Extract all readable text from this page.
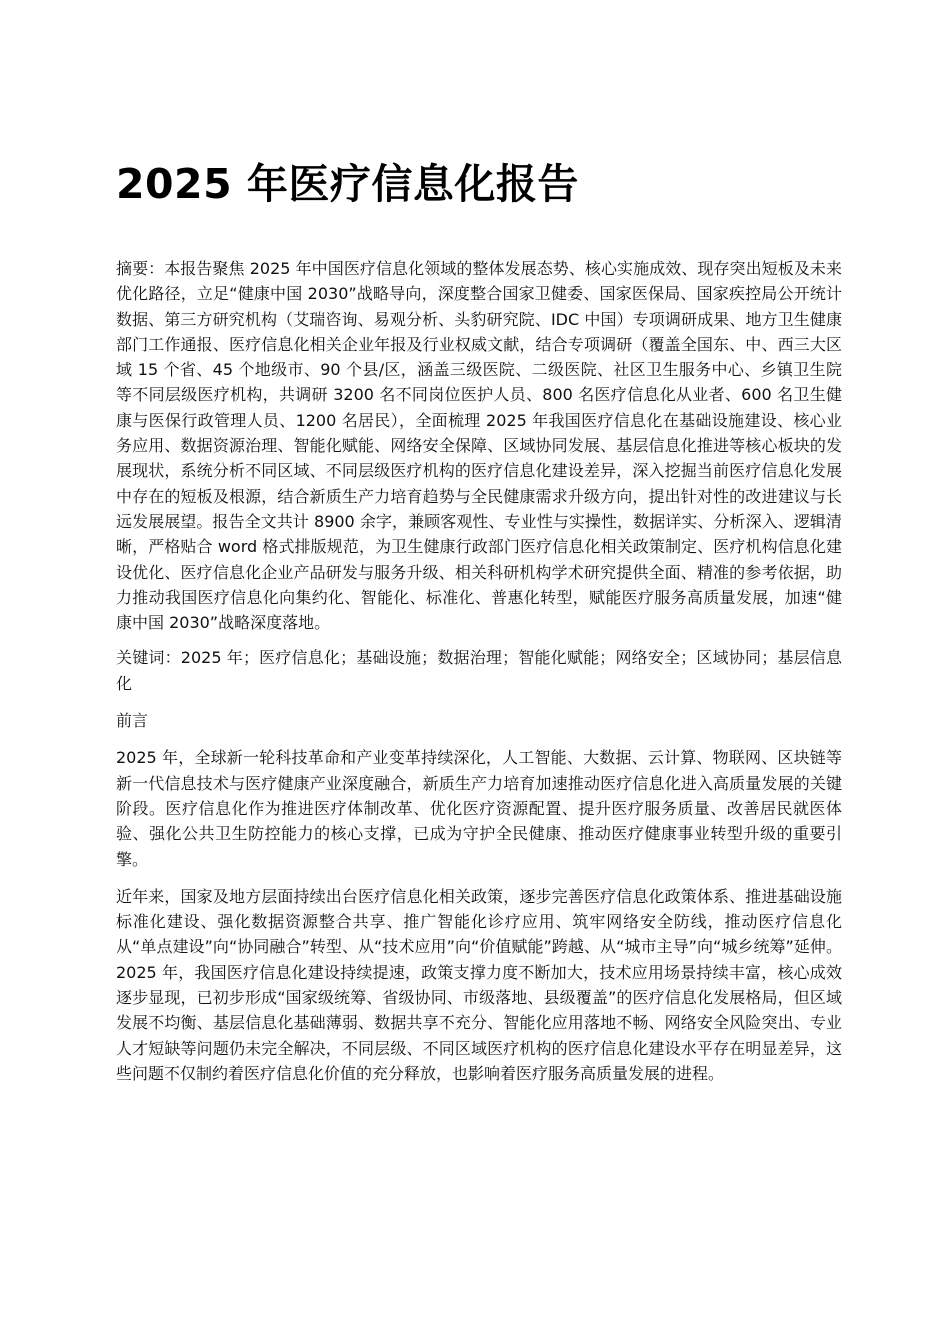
2025 年医疗信息化报告

摘要：本报告聚焦 2025 年中国医疗信息化领域的整体发展态势、核心实施成效、现存突出短板及未来优化路径，立足“健康中国 2030”战略导向，深度整合国家卫健委、国家医保局、国家疾控局公开统计数据、第三方研究机构（艾瑞咨询、易观分析、头豹研究院、IDC 中国）专项调研成果、地方卫生健康部门工作通报、医疗信息化相关企业年报及行业权威文献，结合专项调研（覆盖全国东、中、西三大区域 15 个省、45 个地级市、90 个县/区，涵盖三级医院、二级医院、社区卫生服务中心、乡镇卫生院等不同层级医疗机构，共调研 3200 名不同岗位医护人员、800 名医疗信息化从业者、600 名卫生健康与医保行政管理人员、1200 名居民），全面梳理 2025 年我国医疗信息化在基础设施建设、核心业务应用、数据资源治理、智能化赋能、网络安全保障、区域协同发展、基层信息化推进等核心板块的发展现状，系统分析不同区域、不同层级医疗机构的医疗信息化建设差异，深入挖掘当前医疗信息化发展中存在的短板及根源，结合新质生产力培育趋势与全民健康需求升级方向，提出针对性的改进建议与长远发展展望。报告全文共计 8900 余字，兼顾客观性、专业性与实操性，数据详实、分析深入、逻辑清晰，严格贴合 word 格式排版规范，为卫生健康行政部门医疗信息化相关政策制定、医疗机构信息化建设优化、医疗信息化企业产品研发与服务升级、相关科研机构学术研究提供全面、精准的参考依据，助力推动我国医疗信息化向集约化、智能化、标准化、普惠化转型，赋能医疗服务高质量发展，加速“健康中国 2030”战略深度落地。

关键词：2025 年；医疗信息化；基础设施；数据治理；智能化赋能；网络安全；区域协同；基层信息化

前言

2025 年，全球新一轮科技革命和产业变革持续深化，人工智能、大数据、云计算、物联网、区块链等新一代信息技术与医疗健康产业深度融合，新质生产力培育加速推动医疗信息化进入高质量发展的关键阶段。医疗信息化作为推进医疗体制改革、优化医疗资源配置、提升医疗服务质量、改善居民就医体验、强化公共卫生防控能力的核心支撑，已成为守护全民健康、推动医疗健康事业转型升级的重要引擎。

近年来，国家及地方层面持续出台医疗信息化相关政策，逐步完善医疗信息化政策体系、推进基础设施标准化建设、强化数据资源整合共享、推广智能化诊疗应用、筑牢网络安全防线，推动医疗信息化从“单点建设”向“协同融合”转型、从“技术应用”向“价值赋能”跨越、从“城市主导”向“城乡统筹”延伸。2025 年，我国医疗信息化建设持续提速，政策支撑力度不断加大，技术应用场景持续丰富，核心成效逐步显现，已初步形成“国家级统筹、省级协同、市级落地、县级覆盖”的医疗信息化发展格局，但区域发展不均衡、基层信息化基础薄弱、数据共享不充分、智能化应用落地不畅、网络安全风险突出、专业人才短缺等问题仍未完全解决，不同层级、不同区域医疗机构的医疗信息化建设水平存在明显差异，这些问题不仅制约着医疗信息化价值的充分释放，也影响着医疗服务高质量发展的进程。
